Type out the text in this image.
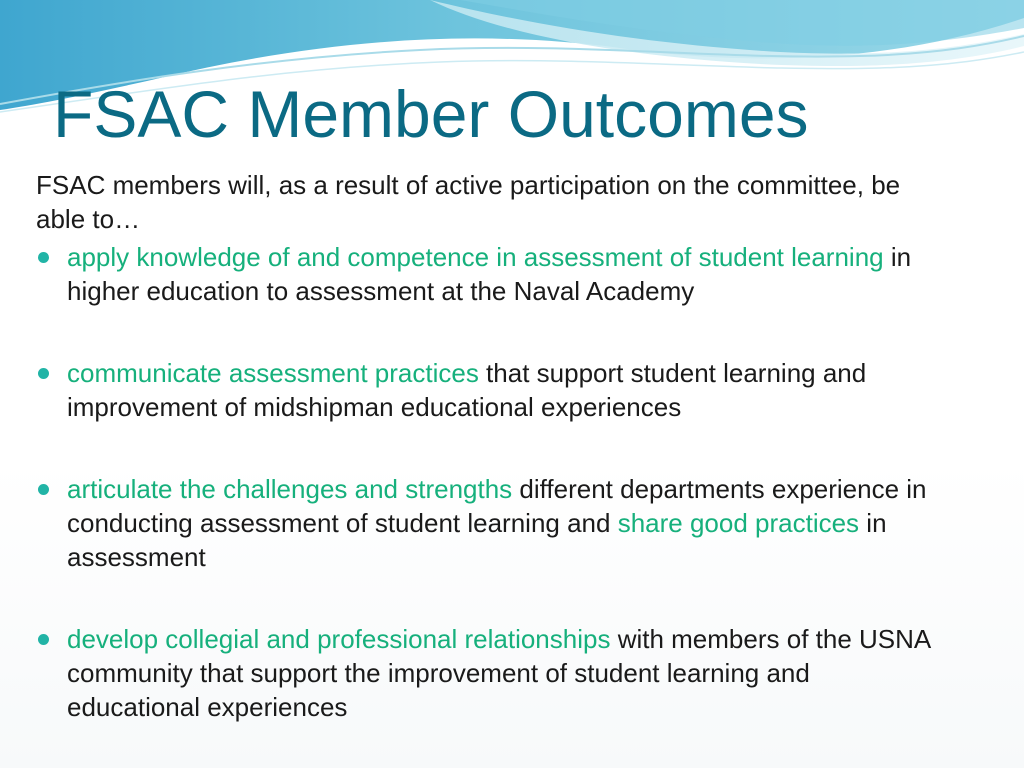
FSAC Member Outcomes

FSAC members will, as a result of active participation on the committee, be able to…

apply knowledge of and competence in assessment of student learning in higher education to assessment at the Naval Academy
communicate assessment practices that support student learning and improvement of midshipman educational experiences
articulate the challenges and strengths different departments experience in conducting assessment of student learning and share good practices in assessment
develop collegial and professional relationships with members of the USNA community that support the improvement of student learning and educational experiences
